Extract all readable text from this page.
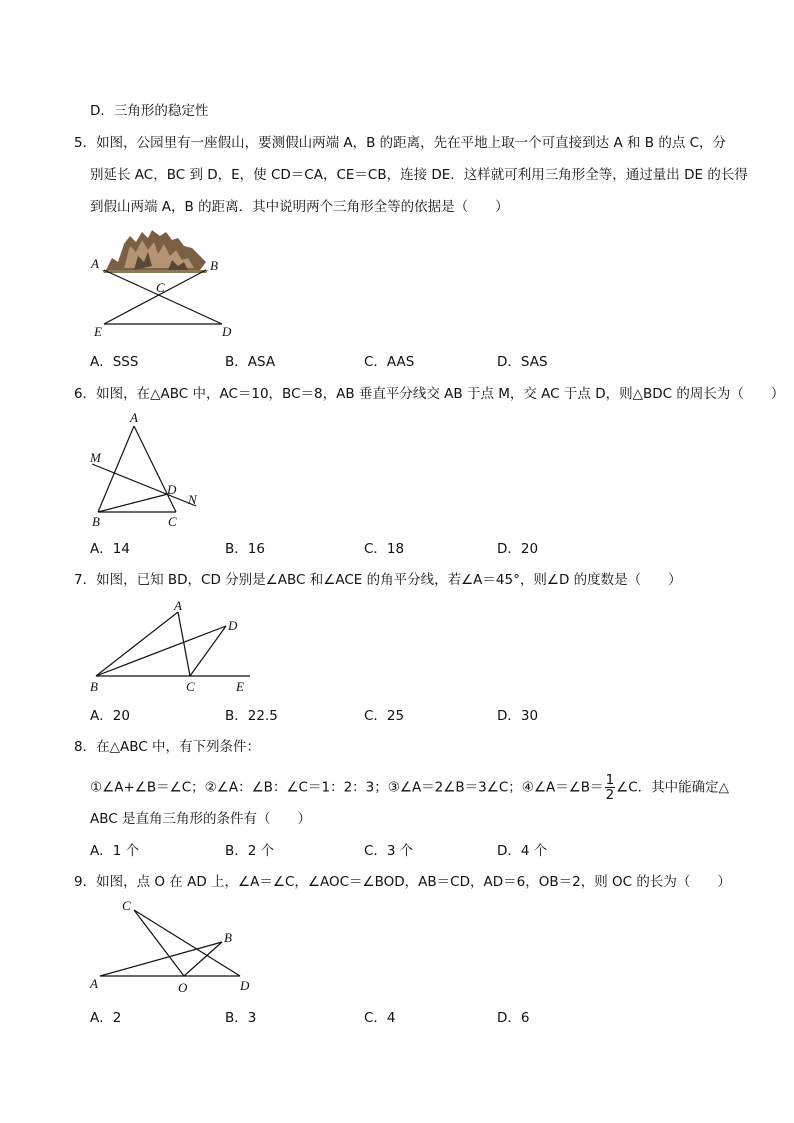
D．三角形的稳定性
5．如图，公园里有一座假山，要测假山两端 A，B 的距离，先在平地上取一个可直接到达 A 和 B 的点 C，分
别延长 AC，BC 到 D，E，使 CD＝CA，CE＝CB，连接 DE．这样就可利用三角形全等，通过量出 DE 的长得
到假山两端 A，B 的距离．其中说明两个三角形全等的依据是（　　）
A	B
C
E	D
A．SSS	B．ASA	C．AAS	D．SAS
6．如图，在△ABC 中，AC＝10，BC＝8，AB 垂直平分线交 AB 于点 M，交 AC 于点 D，则△BDC 的周长为（　　）
A
M
D
N
B	C
A．14	B．16	C．18	D．20
7．如图，已知 BD，CD 分别是∠ABC 和∠ACE 的角平分线，若∠A＝45°，则∠D 的度数是（　　）
A
D
B	C	E
A．20	B．22.5	C．25	D．30
8．在△ABC 中，有下列条件：
①∠A+∠B＝∠C；②∠A：∠B：∠C＝1：2：3；③∠A＝2∠B＝3∠C；④∠A＝∠B＝ $\frac{1}{2}$ ∠C．其中能确定△
ABC 是直角三角形的条件有（　　）
A．1 个	B．2 个	C．3 个	D．4 个
9．如图，点 O 在 AD 上，∠A＝∠C，∠AOC＝∠BOD，AB＝CD，AD＝6，OB＝2，则 OC 的长为（　　）
C
B
A	O	D
A．2	B．3	C．4	D．6
